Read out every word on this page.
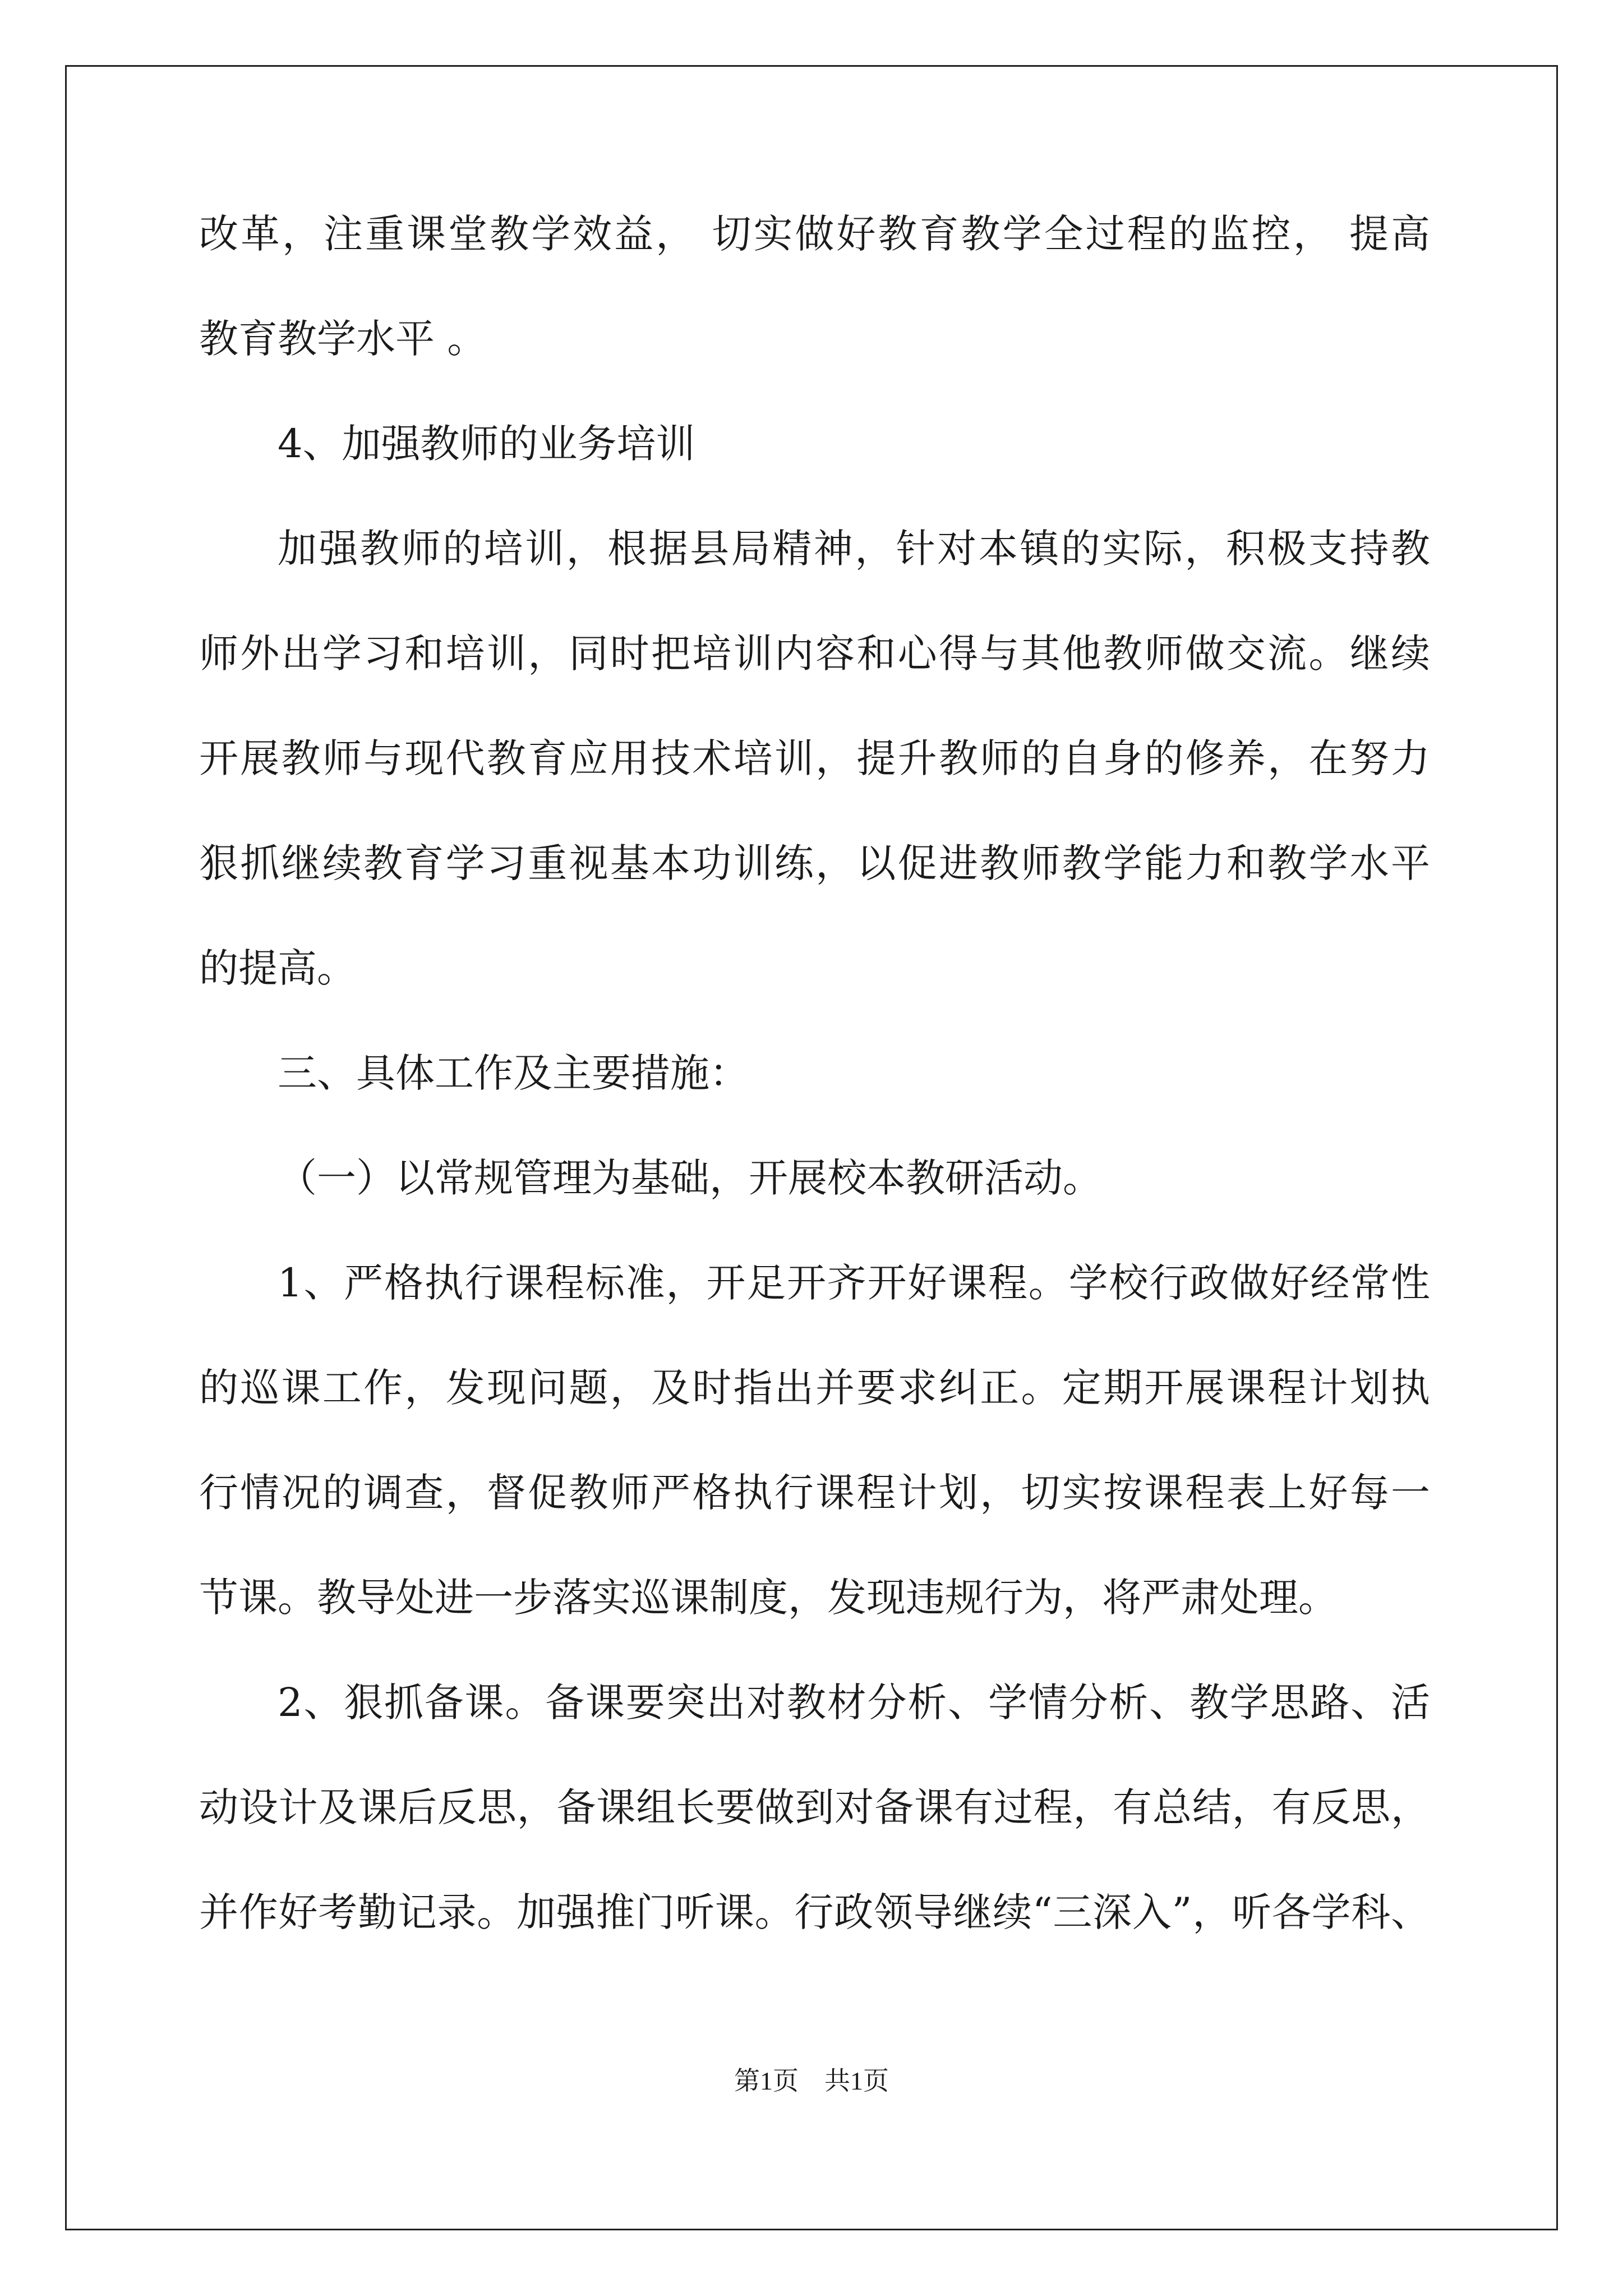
改革，注重课堂教学效益， 切实做好教育教学全过程的监控， 提高
教育教学水平 。
4、加强教师的业务培训
加强教师的培训，根据县局精神，针对本镇的实际，积极支持教
师外出学习和培训，同时把培训内容和心得与其他教师做交流。继续
开展教师与现代教育应用技术培训，提升教师的自身的修养，在努力
狠抓继续教育学习重视基本功训练，以促进教师教学能力和教学水平
的提高。
三、具体工作及主要措施：
（一）以常规管理为基础，开展校本教研活动。
1、严格执行课程标准，开足开齐开好课程。学校行政做好经常性
的巡课工作，发现问题，及时指出并要求纠正。定期开展课程计划执
行情况的调查，督促教师严格执行课程计划，切实按课程表上好每一
节课。教导处进一步落实巡课制度，发现违规行为，将严肃处理。
2、狠抓备课。备课要突出对教材分析、学情分析、教学思路、活
动设计及课后反思，备课组长要做到对备课有过程，有总结，有反思，
并作好考勤记录。加强推门听课。行政领导继续“三深入”，听各学科、
第1页　共1页
